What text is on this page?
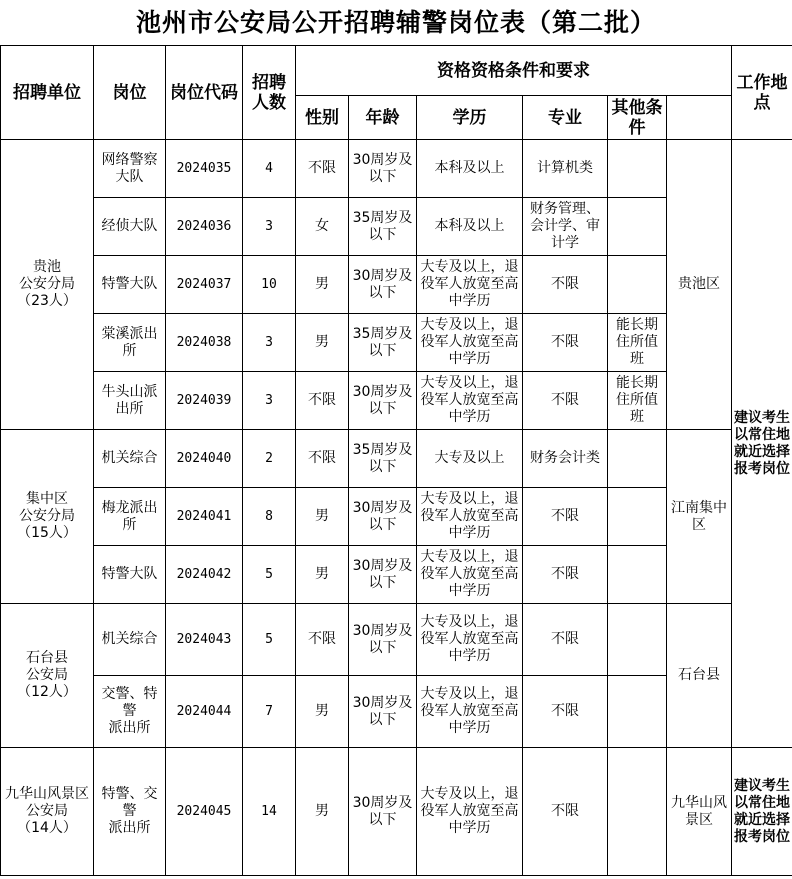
池州市公安局公开招聘辅警岗位表（第二批）
招聘单位	岗位	岗位代码	招聘人数	资格资格条件和要求						工作地点	
				性别	年龄	学历	专业	其他条件			
贵池
公安分局
（23人）	网络警察大队	2024035	4	不限	30周岁及以下	本科及以上	计算机类		贵池区	建议考生以常住地就近选择报考岗位	
	经侦大队	2024036	3	女	35周岁及以下	本科及以上	财务管理、会计学、审计学				
	特警大队	2024037	10	男	30周岁及以下	大专及以上，退役军人放宽至高中学历	不限				
	棠溪派出所	2024038	3	男	35周岁及以下	大专及以上，退役军人放宽至高中学历	不限	能长期住所值班			
	牛头山派出所	2024039	3	不限	30周岁及以下	大专及以上，退役军人放宽至高中学历	不限	能长期住所值班			
集中区
公安分局
（15人）	机关综合	2024040	2	不限	35周岁及以下	大专及以上	财务会计类		江南集中区		
	梅龙派出所	2024041	8	男	30周岁及以下	大专及以上，退役军人放宽至高中学历	不限				
	特警大队	2024042	5	男	30周岁及以下	大专及以上，退役军人放宽至高中学历	不限				
石台县
公安局
（12人）	机关综合	2024043	5	不限	30周岁及以下	大专及以上，退役军人放宽至高中学历	不限		石台县		
	交警、特警
派出所	2024044	7	男	30周岁及以下	大专及以上，退役军人放宽至高中学历	不限				
九华山风景区公安局
（14人）	特警、交警
派出所	2024045	14	男	30周岁及以下	大专及以上，退役军人放宽至高中学历	不限		九华山风景区	建议考生以常住地就近选择报考岗位	
